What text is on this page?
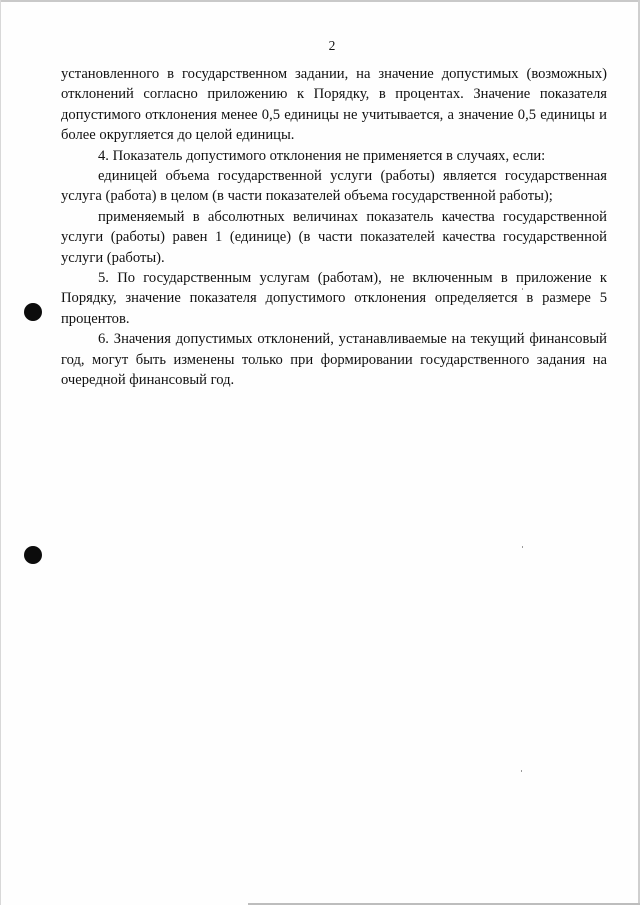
2

установленного в государственном задании, на значение допустимых (возможных) отклонений согласно приложению к Порядку, в процентах. Значение показателя допустимого отклонения менее 0,5 единицы не учитывается, а значение 0,5 единицы и более округляется до целой единицы.

4. Показатель допустимого отклонения не применяется в случаях, если:

единицей объема государственной услуги (работы) является государственная услуга (работа) в целом (в части показателей объема государственной работы);

применяемый в абсолютных величинах показатель качества государственной услуги (работы) равен 1 (единице) (в части показателей качества государственной услуги (работы).

5. По государственным услугам (работам), не включенным в приложение к Порядку, значение показателя допустимого отклонения определяется в размере 5 процентов.

6. Значения допустимых отклонений, устанавливаемые на текущий финансовый год, могут быть изменены только при формировании государственного задания на очередной финансовый год.
